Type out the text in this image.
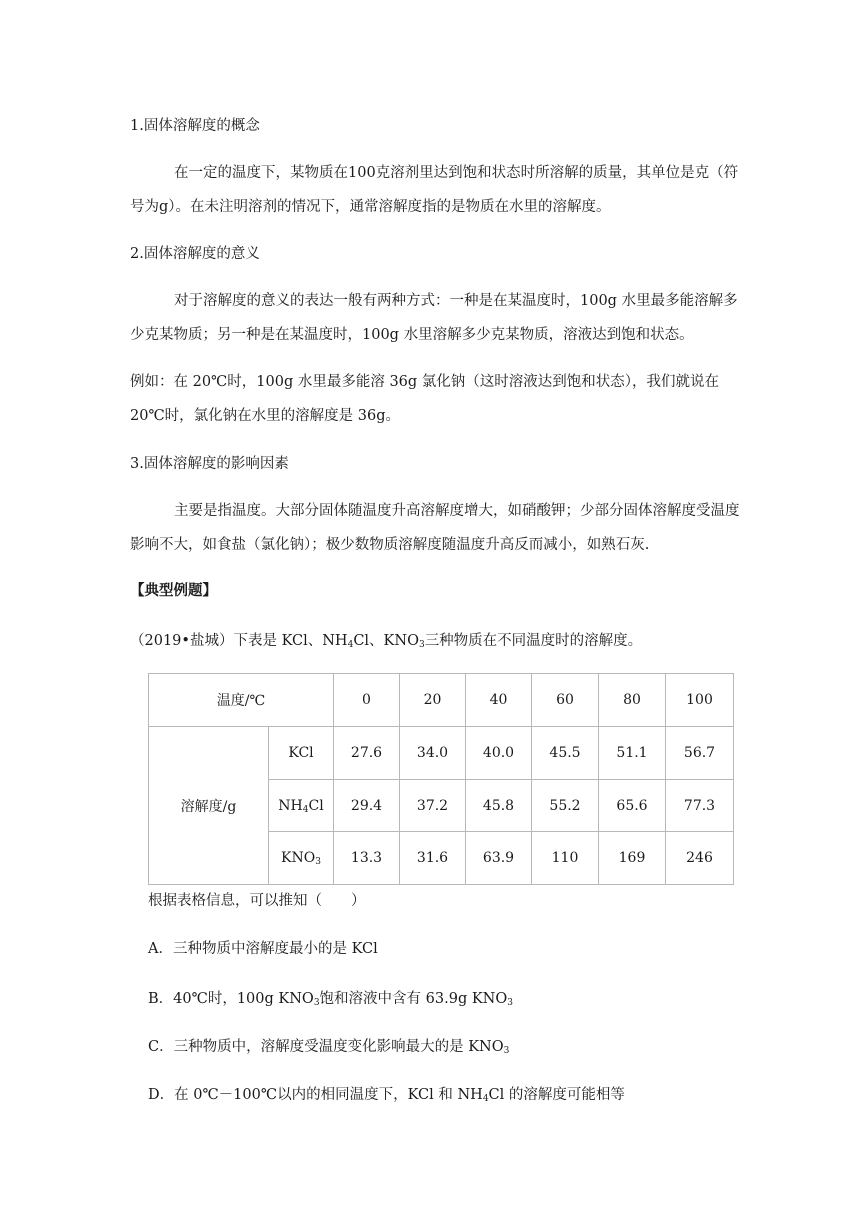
1.固体溶解度的概念

在一定的温度下，某物质在100克溶剂里达到饱和状态时所溶解的质量，其单位是克（符号为g）。在未注明溶剂的情况下，通常溶解度指的是物质在水里的溶解度。

2.固体溶解度的意义

对于溶解度的意义的表达一般有两种方式：一种是在某温度时，100g 水里最多能溶解多少克某物质；另一种是在某温度时，100g 水里溶解多少克某物质，溶液达到饱和状态。

例如：在 20℃时，100g 水里最多能溶 36g 氯化钠（这时溶液达到饱和状态），我们就说在 20℃时，氯化钠在水里的溶解度是 36g。

3.固体溶解度的影响因素

主要是指温度。大部分固体随温度升高溶解度增大，如硝酸钾；少部分固体溶解度受温度影响不大，如食盐（氯化钠）；极少数物质溶解度随温度升高反而减小，如熟石灰.

【典型例题】

（2019•盐城）下表是 KCl、$NH_4Cl$、$KNO_3$三种物质在不同温度时的溶解度。

温度/℃		0	20	40	60	80	100
溶解度/g	KCl	27.6	34.0	40.0	45.5	51.1	56.7
	$NH_4Cl$	29.4	37.2	45.8	55.2	65.6	77.3
	$KNO_3$	13.3	31.6	63.9	110	169	246

根据表格信息，可以推知（　　）

A．三种物质中溶解度最小的是 KCl

B．40℃时，100g $KNO_3$饱和溶液中含有 63.9g $KNO_3$

C．三种物质中，溶解度受温度变化影响最大的是 $KNO_3$

D．在 0℃－100℃以内的相同温度下，KCl 和 $NH_4Cl$ 的溶解度可能相等
